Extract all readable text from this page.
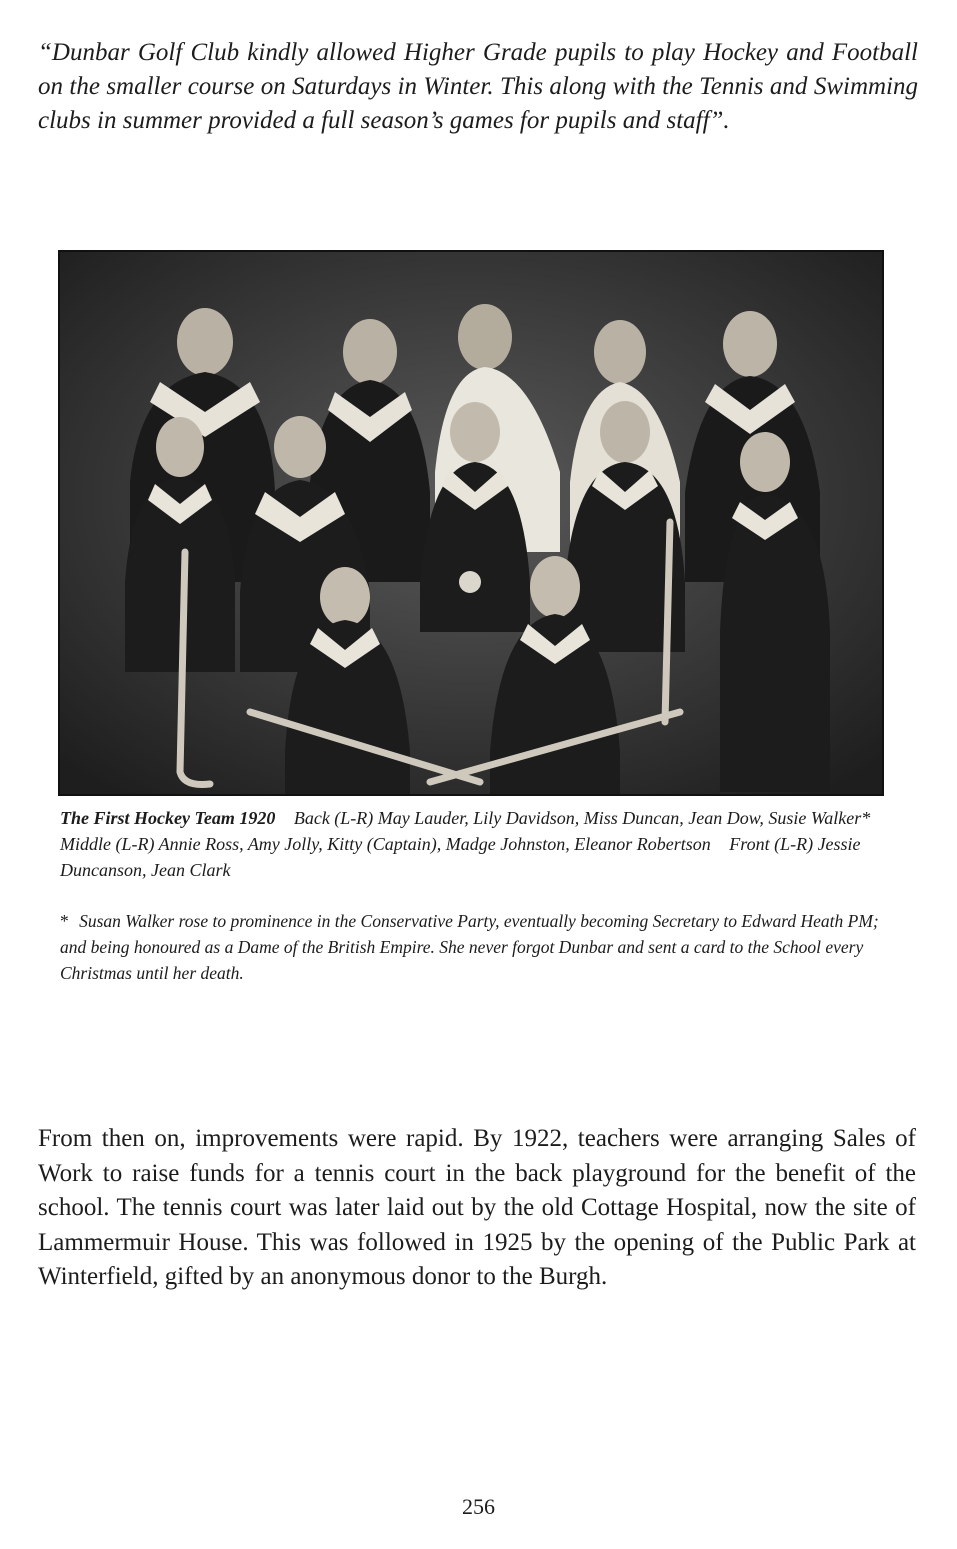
“Dunbar Golf Club kindly allowed Higher Grade pupils to play Hockey and Football on the smaller course on Saturdays in Winter. This along with the Tennis and Swimming clubs in summer provided a full season’s games for pupils and staff”.

The First Hockey Team 1920 Back (L-R) May Lauder, Lily Davidson, Miss Duncan, Jean Dow, Susie Walker* Middle (L-R) Annie Ross, Amy Jolly, Kitty (Captain), Madge Johnston, Eleanor Robertson Front (L-R) Jessie Duncanson, Jean Clark

* Susan Walker rose to prominence in the Conservative Party, eventually becoming Secretary to Edward Heath PM; and being honoured as a Dame of the British Empire. She never forgot Dunbar and sent a card to the School every Christmas until her death.

From then on, improvements were rapid. By 1922, teachers were arranging Sales of Work to raise funds for a tennis court in the back playground for the benefit of the school. The tennis court was later laid out by the old Cottage Hospital, now the site of Lammermuir House. This was followed in 1925 by the opening of the Public Park at Winterfield, gifted by an anonymous donor to the Burgh.

256
